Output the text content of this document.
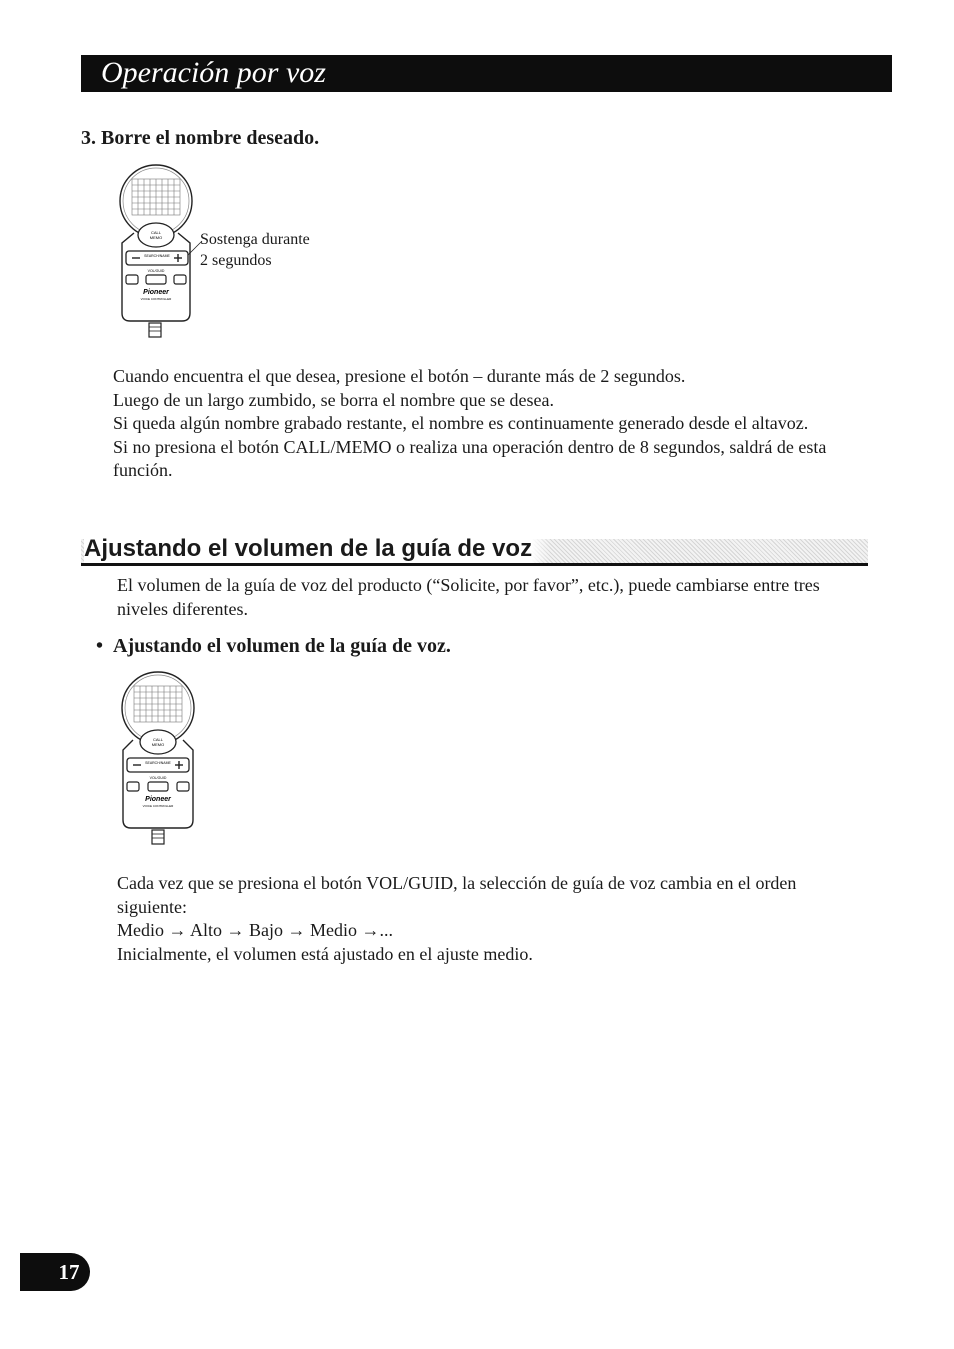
Operación por voz
3. Borre el nombre deseado.
CALL
MEMO
SEARCH/NAME
VOL/GUID
Pioneer
VOICE CONTROLLER
Sostenga durante
2 segundos

Cuando encuentra el que desea, presione el botón – durante más de 2 segundos.

Luego de un largo zumbido, se borra el nombre que se desea.

Si queda algún nombre grabado restante, el nombre es continuamente generado desde el altavoz.

Si no presiona el botón CALL/MEMO o realiza una operación dentro de 8 segundos, saldrá de esta función.

Ajustando el volumen de la guía de voz

El volumen de la guía de voz del producto (“Solicite, por favor”, etc.), puede cambiarse entre tres niveles diferentes.

•  Ajustando el volumen de la guía de voz.
CALL
MEMO
SEARCH/NAME
VOL/GUID
Pioneer
VOICE CONTROLLER

Cada vez que se presiona el botón VOL/GUID, la selección de guía de voz cambia en el orden siguiente:

Medio → Alto → Bajo → Medio →...

Inicialmente, el volumen está ajustado en el ajuste medio.

17
